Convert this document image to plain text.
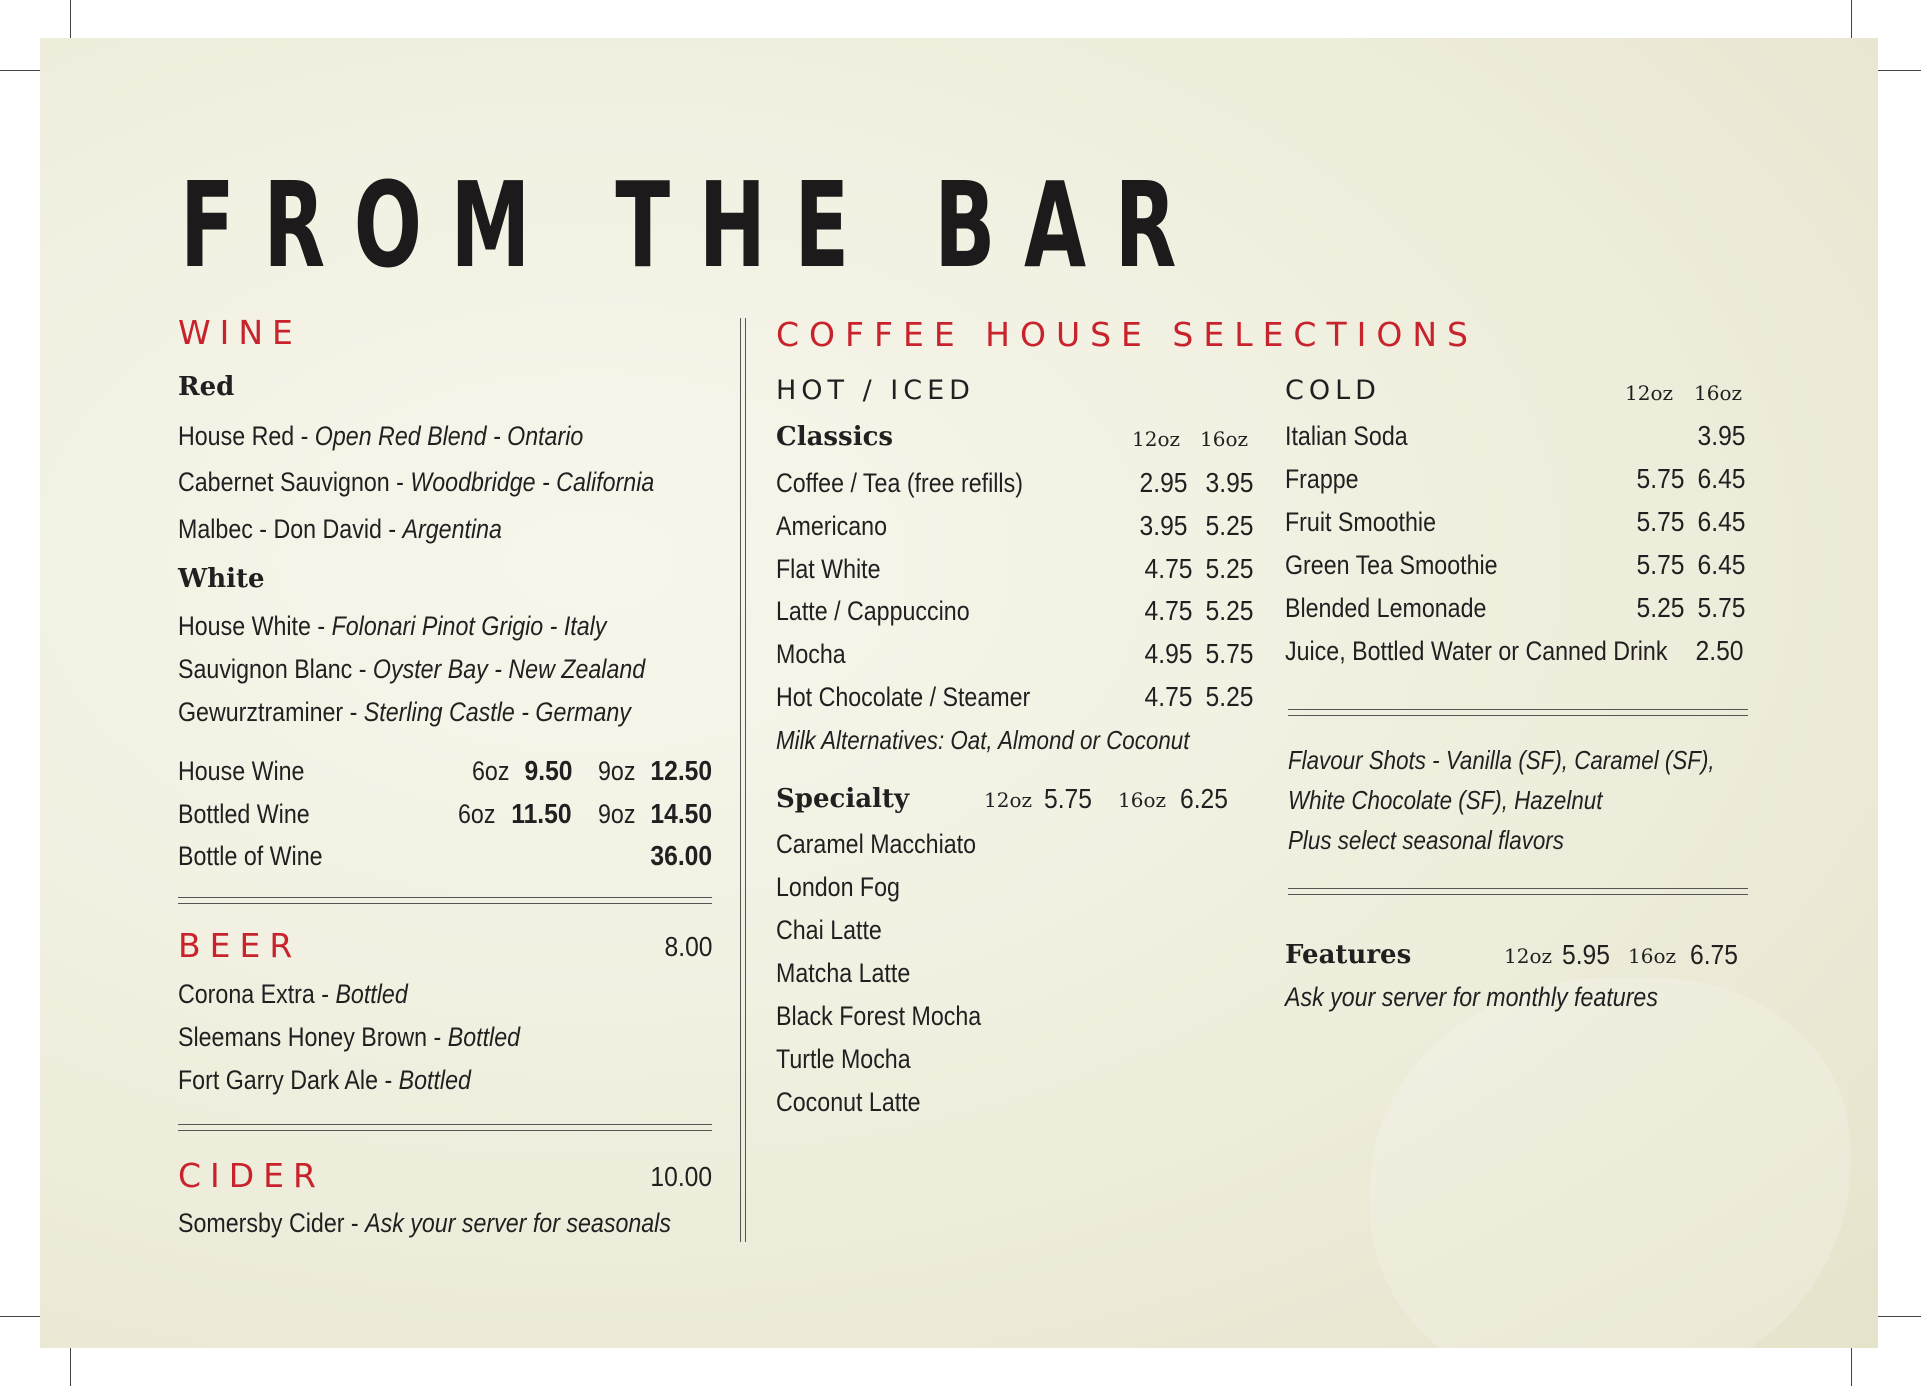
FROM THE BAR
WINE
Red
House Red - Open Red Blend - Ontario
Cabernet Sauvignon - Woodbridge - California
Malbec - Don David - Argentina
White
House White - Folonari Pinot Grigio - Italy
Sauvignon Blanc - Oyster Bay - New Zealand
Gewurztraminer - Sterling Castle - Germany
House Wine	6oz 9.50 9oz 12.50
Bottled Wine	6oz 11.50 9oz 14.50
Bottle of Wine	36.00
BEER	8.00
Corona Extra - Bottled
Sleemans Honey Brown - Bottled
Fort Garry Dark Ale - Bottled
CIDER	10.00
Somersby Cider - Ask your server for seasonals
COFFEE HOUSE SELECTIONS
HOT / ICED
Classics	12oz 16oz
Coffee / Tea (free refills)	2.95 3.95
Americano	3.95 5.25
Flat White	4.75 5.25
Latte / Cappuccino	4.75 5.25
Mocha	4.95 5.75
Hot Chocolate / Steamer	4.75 5.25
Milk Alternatives: Oat, Almond or Coconut
Specialty	12oz 5.75 16oz 6.25
Caramel Macchiato
London Fog
Chai Latte
Matcha Latte
Black Forest Mocha
Turtle Mocha
Coconut Latte
COLD	12oz 16oz
Italian Soda	3.95
Frappe	5.75 6.45
Fruit Smoothie	5.75 6.45
Green Tea Smoothie	5.75 6.45
Blended Lemonade	5.25 5.75
Juice, Bottled Water or Canned Drink 2.50
Flavour Shots - Vanilla (SF), Caramel (SF),
White Chocolate (SF), Hazelnut
Plus select seasonal flavors
Features	12oz 5.95 16oz 6.75
Ask your server for monthly features
